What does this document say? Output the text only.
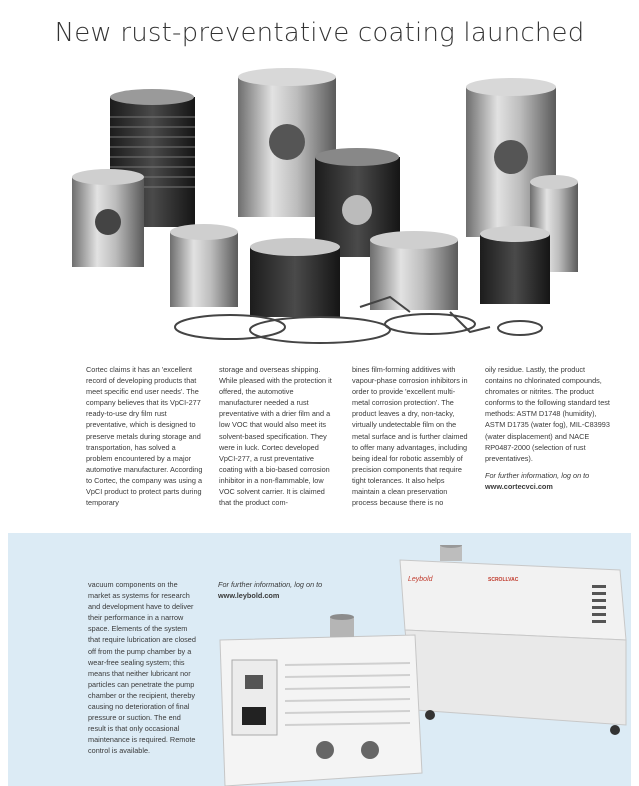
New rust-preventative coating launched

Cortec claims it has an 'excellent record of developing products that meet specific end user needs'. The company believes that its VpCI-277 ready-to-use dry film rust preventative, which is designed to preserve metals during storage and transportation, has solved a problem encountered by a major automotive manufacturer. According to Cortec, the company was using a VpCI product to protect parts during temporary

storage and overseas shipping. While pleased with the protection it offered, the automotive manufacturer needed a rust preventative with a drier film and a low VOC that would also meet its solvent-based specification. They were in luck. Cortec developed VpCI-277, a rust preventative coating with a bio-based corrosion inhibitor in a non-flammable, low VOC solvent carrier. It is claimed that the product com-

bines film-forming additives with vapour-phase corrosion inhibitors in order to provide 'excellent multi-metal corrosion protection'. The product leaves a dry, non-tacky, virtually undetectable film on the metal surface and is further claimed to offer many advantages, including being ideal for robotic assembly of precision components that require tight tolerances. It also helps maintain a clean preservation process because there is no

oily residue. Lastly, the product contains no chlorinated compounds, chromates or nitrites. The product conforms to the following standard test methods: ASTM D1748 (humidity), ASTM D1735 (water fog), MIL-C83993 (water displacement) and NACE RP0487-2000 (selection of rust preventatives).

For further information, log on to
www.cortecvci.com

vacuum components on the market as systems for research and development have to deliver their performance in a narrow space. Elements of the system that require lubrication are closed off from the pump chamber by a wear-free sealing system; this means that neither lubricant nor particles can penetrate the pump chamber or the recipient, thereby causing no deterioration of final pressure or suction. The end result is that only occasional maintenance is required. Remote control is available.

For further information, log on to
www.leybold.com

Leybold	SCROLLVAC
